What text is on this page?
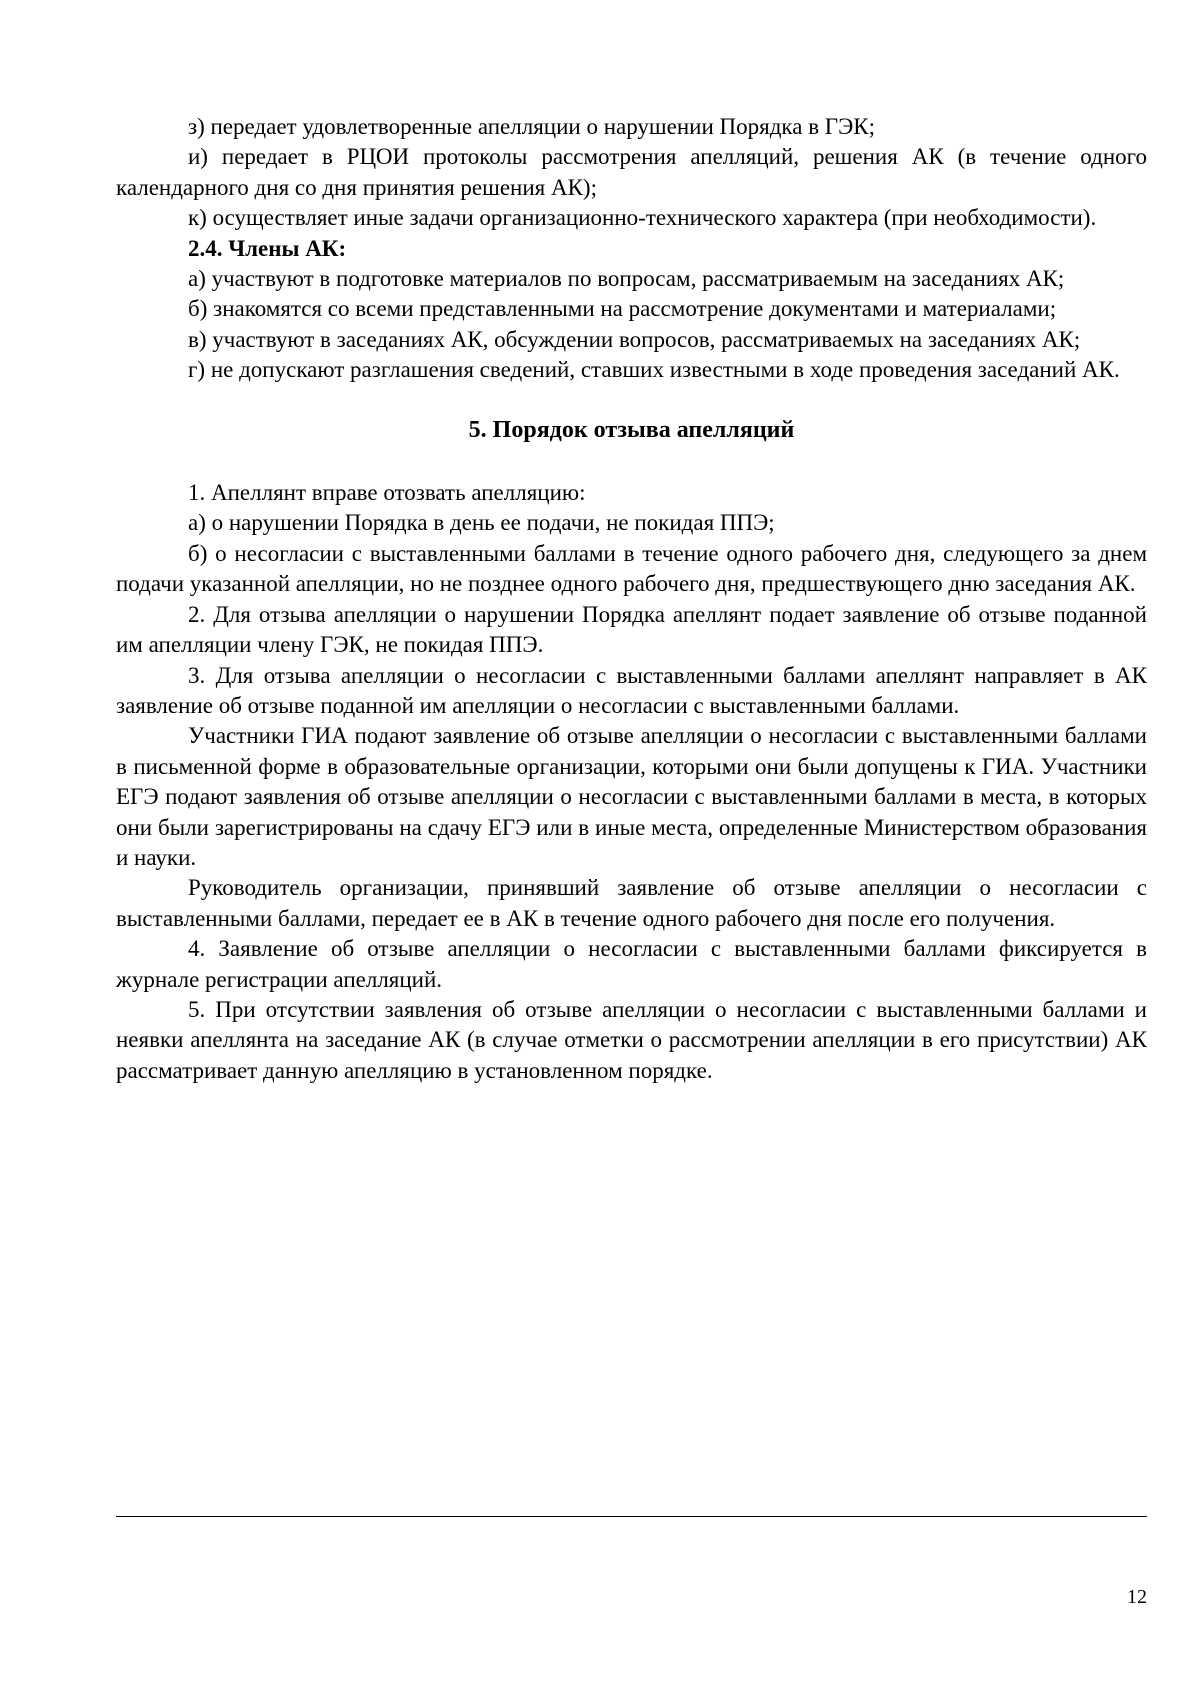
з) передает удовлетворенные апелляции о нарушении Порядка в ГЭК;

и) передает в РЦОИ протоколы рассмотрения апелляций, решения АК (в течение одного календарного дня со дня принятия решения АК);

к) осуществляет иные задачи организационно-технического характера (при необходимости).

2.4. Члены АК:

а) участвуют в подготовке материалов по вопросам, рассматриваемым на заседаниях АК;

б) знакомятся со всеми представленными на рассмотрение документами и материалами;

в) участвуют в заседаниях АК, обсуждении вопросов, рассматриваемых на заседаниях АК;

г) не допускают разглашения сведений, ставших известными в ходе проведения заседаний АК.

5. Порядок отзыва апелляций

1. Апеллянт вправе отозвать апелляцию:

а) о нарушении Порядка в день ее подачи, не покидая ППЭ;

б) о несогласии с выставленными баллами в течение одного рабочего дня, следующего за днем подачи указанной апелляции, но не позднее одного рабочего дня, предшествующего дню заседания АК.

2. Для отзыва апелляции о нарушении Порядка апеллянт подает заявление об отзыве поданной им апелляции члену ГЭК, не покидая ППЭ.

3. Для отзыва апелляции о несогласии с выставленными баллами апеллянт направляет в АК заявление об отзыве поданной им апелляции о несогласии с выставленными баллами.

Участники ГИА подают заявление об отзыве апелляции о несогласии с выставленными баллами в письменной форме в образовательные организации, которыми они были допущены к ГИА. Участники ЕГЭ подают заявления об отзыве апелляции о несогласии с выставленными баллами в места, в которых они были зарегистрированы на сдачу ЕГЭ или в иные места, определенные Министерством образования и науки.

Руководитель организации, принявший заявление об отзыве апелляции о несогласии с выставленными баллами, передает ее в АК в течение одного рабочего дня после его получения.

4. Заявление об отзыве апелляции о несогласии с выставленными баллами фиксируется в журнале регистрации апелляций.

5. При отсутствии заявления об отзыве апелляции о несогласии с выставленными баллами и неявки апеллянта на заседание АК (в случае отметки о рассмотрении апелляции в его присутствии) АК рассматривает данную апелляцию в установленном порядке.

12
